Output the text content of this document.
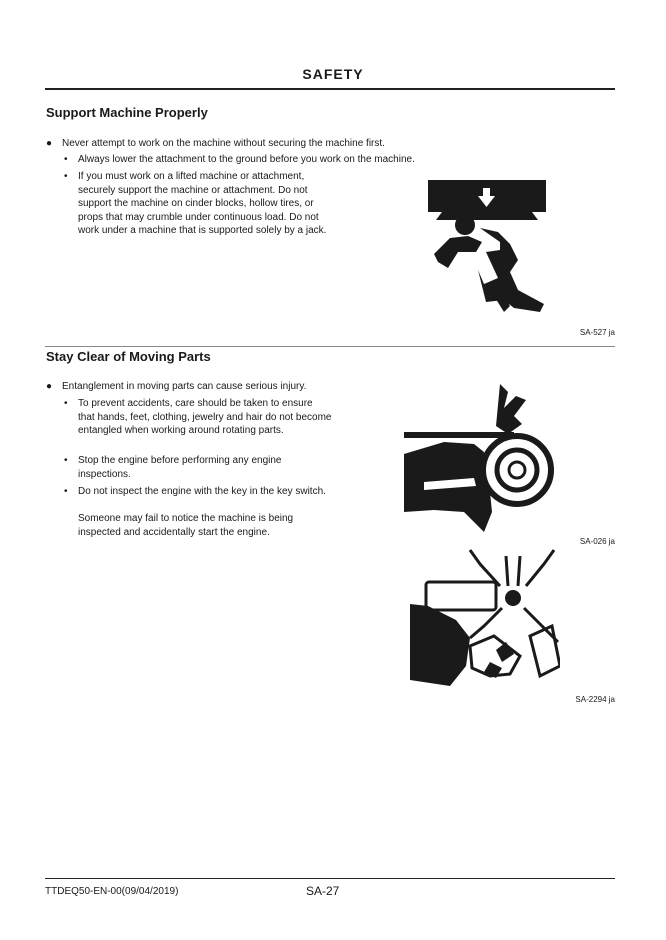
SAFETY
Support Machine Properly
● Never attempt to work on the machine without securing the machine first.
• Always lower the attachment to the ground before you work on the machine.
• If you must work on a lifted machine or attachment, securely support the machine or attachment. Do not support the machine on cinder blocks, hollow tires, or props that may crumble under continuous load. Do not work under a machine that is supported solely by a jack.
SA-527 ja
Stay Clear of Moving Parts
● Entanglement in moving parts can cause serious injury.
• To prevent accidents, care should be taken to ensure that hands, feet, clothing, jewelry and hair do not become entangled when working around rotating parts.
• Stop the engine before performing any engine inspections.
• Do not inspect the engine with the key in the key switch.
Someone may fail to notice the machine is being inspected and accidentally start the engine.
SA-026 ja
SA-2294 ja
TTDEQ50-EN-00(09/04/2019)	SA-27
